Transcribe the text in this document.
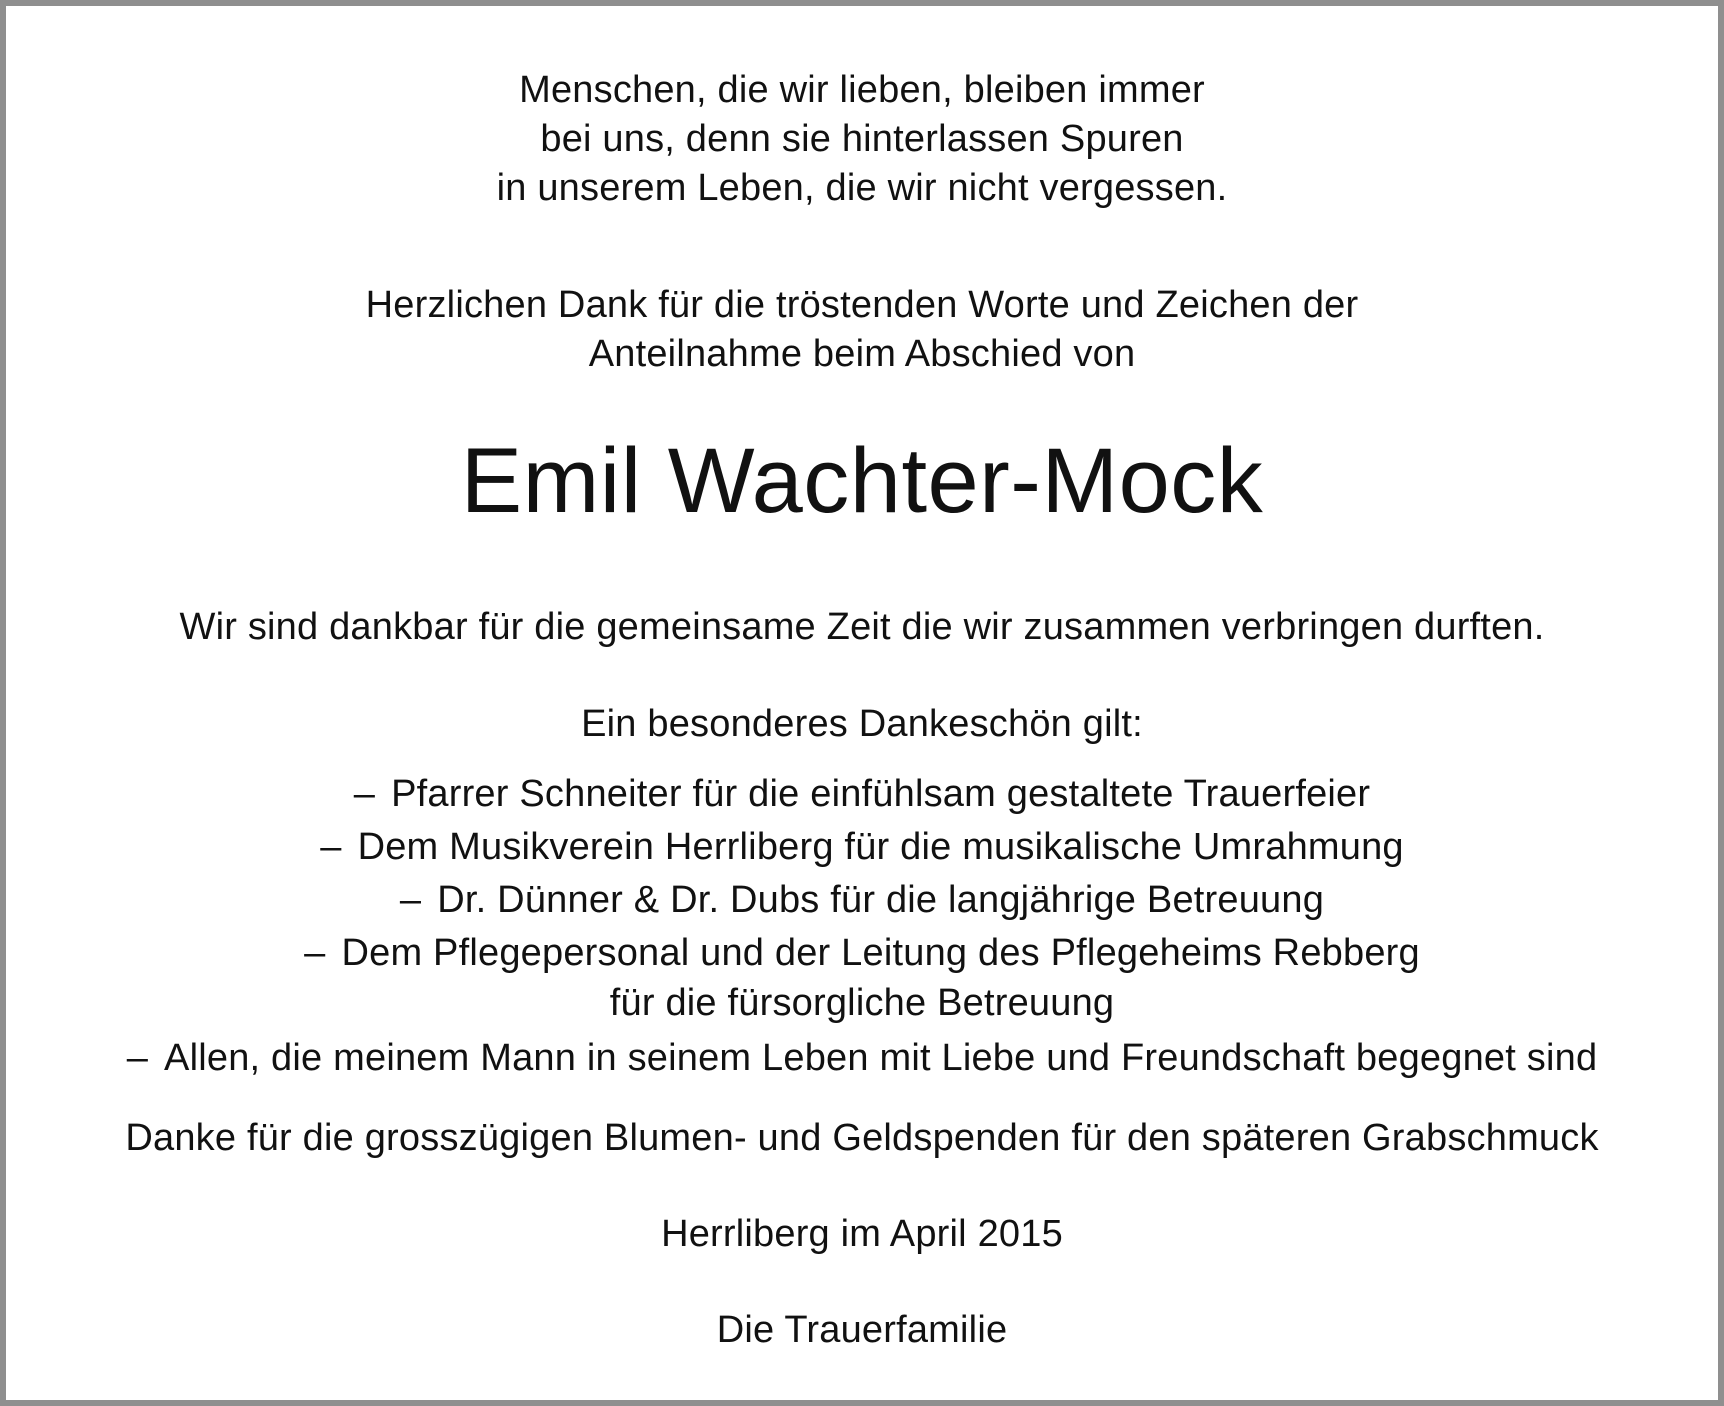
Menschen, die wir lieben, bleiben immer
bei uns, denn sie hinterlassen Spuren
in unserem Leben, die wir nicht vergessen.
Herzlichen Dank für die tröstenden Worte und Zeichen der
Anteilnahme beim Abschied von
Emil Wachter-Mock
Wir sind dankbar für die gemeinsame Zeit die wir zusammen verbringen durften.
Ein besonderes Dankeschön gilt:
– Pfarrer Schneiter für die einfühlsam gestaltete Trauerfeier
– Dem Musikverein Herrliberg für die musikalische Umrahmung
– Dr. Dünner & Dr. Dubs für die langjährige Betreuung
– Dem Pflegepersonal und der Leitung des Pflegeheims Rebberg
für die fürsorgliche Betreuung
– Allen, die meinem Mann in seinem Leben mit Liebe und Freundschaft begegnet sind
Danke für die grosszügigen Blumen- und Geldspenden für den späteren Grabschmuck
Herrliberg im April 2015
Die Trauerfamilie
